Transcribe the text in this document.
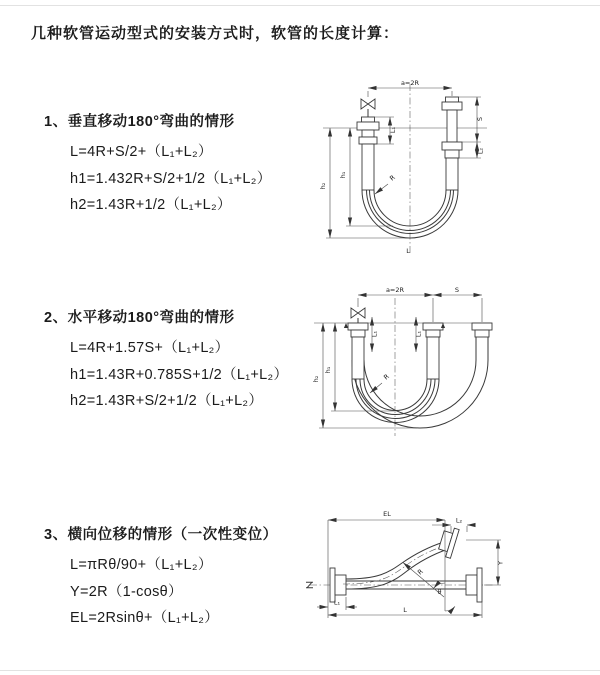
几种软管运动型式的安装方式时，软管的长度计算：
1、垂直移动180°弯曲的情形
L=4R+S/2+（L₁+L₂）
h1=1.432R+S/2+1/2（L₁+L₂）
h2=1.43R+1/2（L₁+L₂）
2、水平移动180°弯曲的情形
L=4R+1.57S+（L₁+L₂）
h1=1.43R+0.785S+1/2（L₁+L₂）
h2=1.43R+S/2+1/2（L₁+L₂）
3、横向位移的情形（一次性变位）
L=πRθ/90+（L₁+L₂）
Y=2R（1-cosθ）
EL=2Rsinθ+（L₁+L₂）
a=2R
h₂
h₁
S
L₂
L₁
R
L
a=2R	S
h₂
h₁
L₁	L₁
R
EL
L₂
R
θ
Y
L
L₁
